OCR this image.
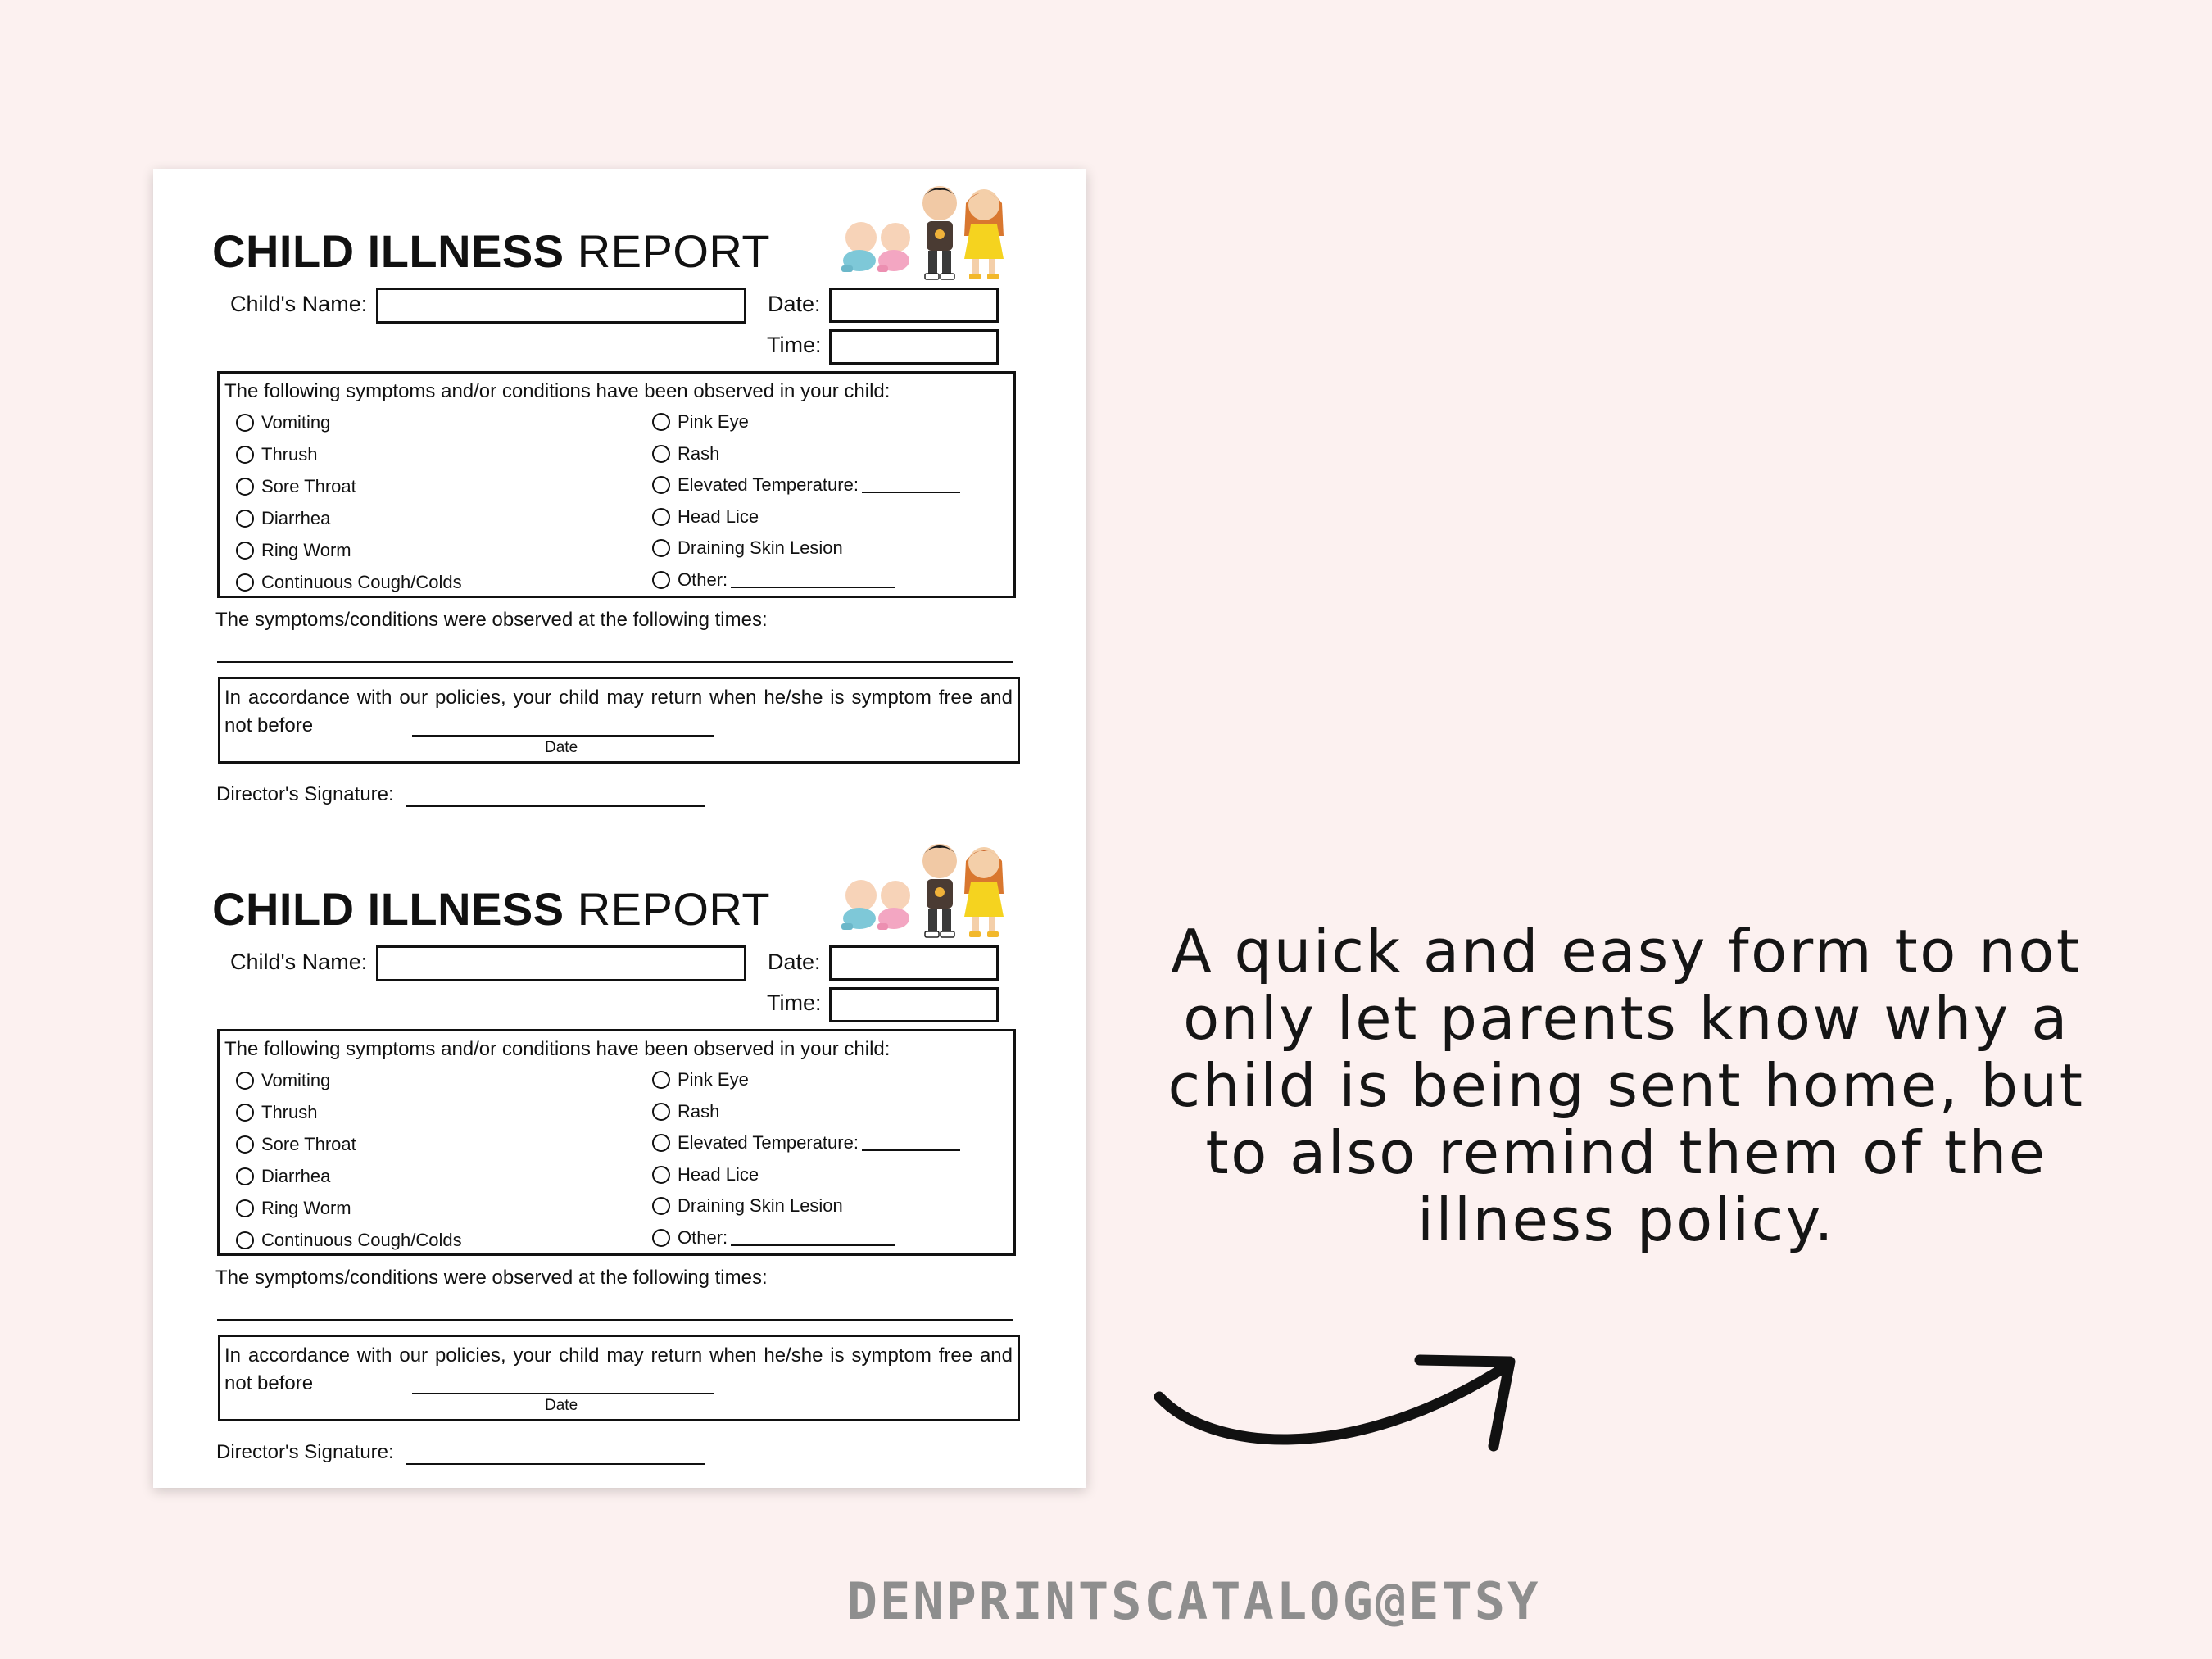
CHILD ILLNESS REPORT
Child's Name:	Date:
Time:
The following symptoms and/or conditions have been observed in your child:
Vomiting
Thrush
Sore Throat
Diarrhea
Ring Worm
Continuous Cough/Colds
Pink Eye
Rash
Elevated Temperature:
Head Lice
Draining Skin Lesion
Other:
The symptoms/conditions were observed at the following times:
In accordance with our policies, your child may return when he/she is symptom free and not before
Date
Director's Signature:
CHILD ILLNESS REPORT
Child's Name:	Date:
Time:
The following symptoms and/or conditions have been observed in your child:
Vomiting
Thrush
Sore Throat
Diarrhea
Ring Worm
Continuous Cough/Colds
Pink Eye
Rash
Elevated Temperature:
Head Lice
Draining Skin Lesion
Other:
The symptoms/conditions were observed at the following times:
In accordance with our policies, your child may return when he/she is symptom free and not before
Date
Director's Signature:
A quick and easy form to not only let parents know why a child is being sent home, but to also remind them of the illness policy.
DENPRINTSCATALOG@ETSY
